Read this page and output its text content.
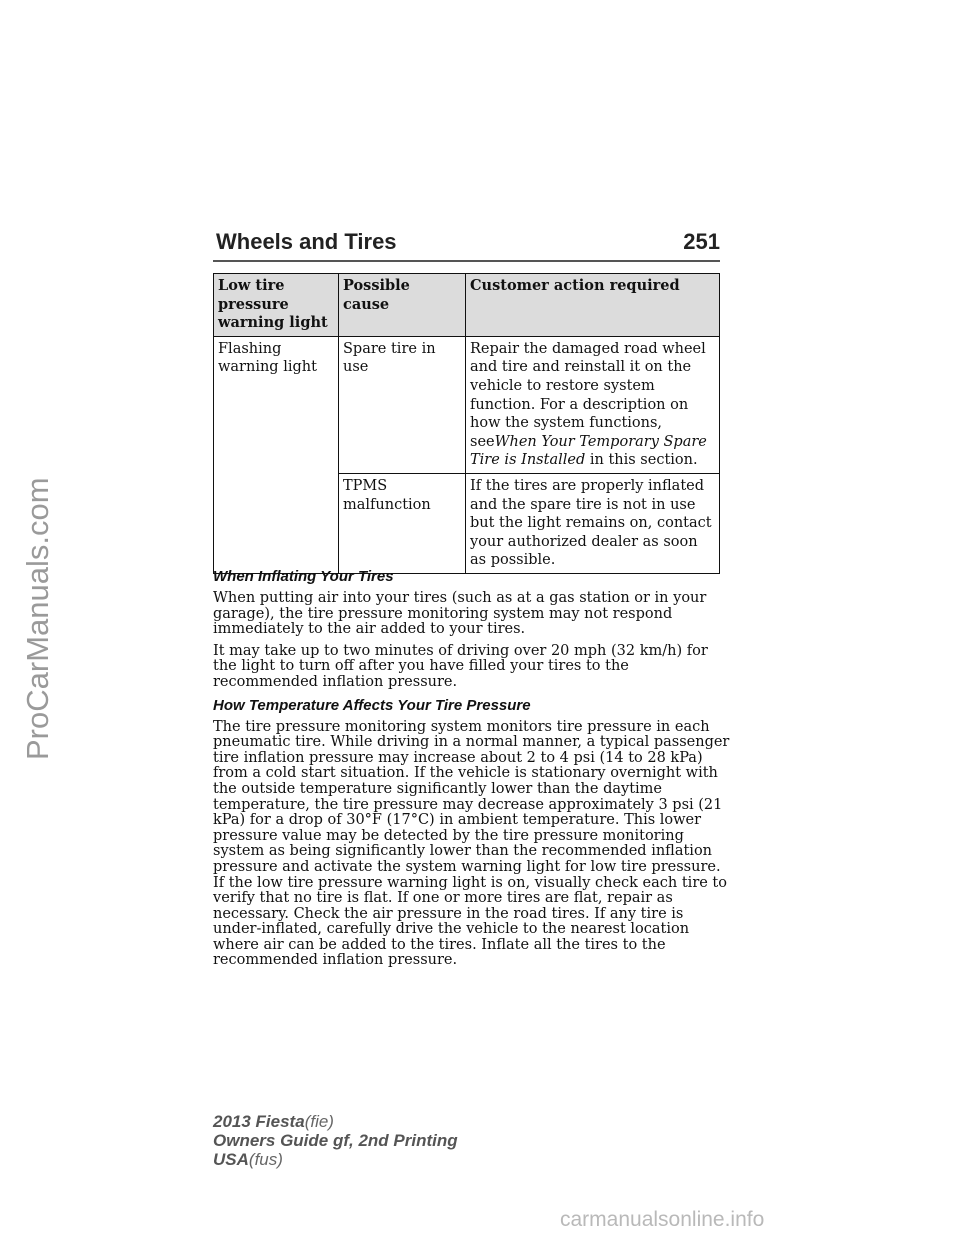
ProCarManuals.com
Wheels and Tires	251
Low tire pressure warning light	Possible cause	Customer action required
Flashing warning light	Spare tire in use	Repair the damaged road wheel and tire and reinstall it on the vehicle to restore system function. For a description on how the system functions, seeWhen Your Temporary Spare Tire is Installed in this section.
	TPMS malfunction	If the tires are properly inflated and the spare tire is not in use but the light remains on, contact your authorized dealer as soon as possible.
When Inflating Your Tires

When putting air into your tires (such as at a gas station or in your garage), the tire pressure monitoring system may not respond immediately to the air added to your tires.

It may take up to two minutes of driving over 20 mph (32 km/h) for the light to turn off after you have filled your tires to the recommended inflation pressure.

How Temperature Affects Your Tire Pressure

The tire pressure monitoring system monitors tire pressure in each pneumatic tire. While driving in a normal manner, a typical passenger tire inflation pressure may increase about 2 to 4 psi (14 to 28 kPa) from a cold start situation. If the vehicle is stationary overnight with the outside temperature significantly lower than the daytime temperature, the tire pressure may decrease approximately 3 psi (21 kPa) for a drop of 30°F (17°C) in ambient temperature. This lower pressure value may be detected by the tire pressure monitoring system as being significantly lower than the recommended inflation pressure and activate the system warning light for low tire pressure. If the low tire pressure warning light is on, visually check each tire to verify that no tire is flat. If one or more tires are flat, repair as necessary. Check the air pressure in the road tires. If any tire is under-inflated, carefully drive the vehicle to the nearest location where air can be added to the tires. Inflate all the tires to the recommended inflation pressure.

2013 Fiesta(fie)
Owners Guide gf, 2nd Printing
USA(fus)
carmanualsonline.info
